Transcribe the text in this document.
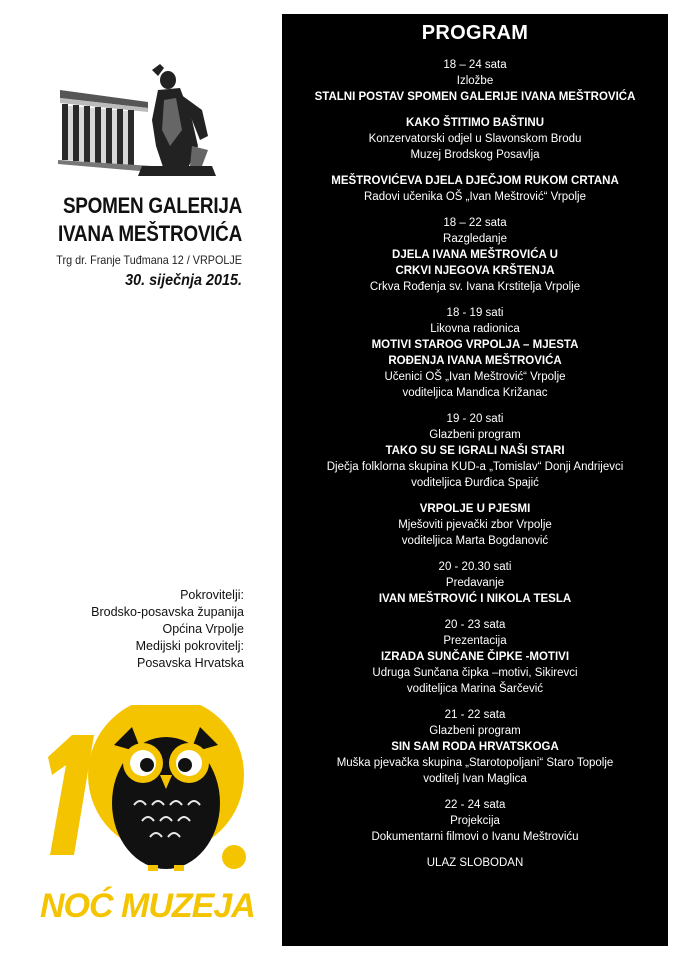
SPOMEN GALERIJA
IVANA MEŠTROVIĆA
Trg dr. Franje Tuđmana 12 / VRPOLJE
30. siječnja 2015.
Pokrovitelji:
Brodsko-posavska županija
Općina Vrpolje
Medijski pokrovitelj:
Posavska Hrvatska
NOĆ MUZEJA
PROGRAM
18 – 24 sata
Izložbe
STALNI POSTAV SPOMEN GALERIJE IVANA MEŠTROVIĆA
KAKO ŠTITIMO BAŠTINU
Konzervatorski odjel u Slavonskom Brodu
Muzej Brodskog Posavlja
MEŠTROVIĆEVA DJELA DJEČJOM RUKOM CRTANA
Radovi učenika OŠ „Ivan Meštrović“ Vrpolje
18 – 22 sata
Razgledanje
DJELA IVANA MEŠTROVIĆA U
CRKVI NJEGOVA KRŠTENJA
Crkva Rođenja sv. Ivana Krstitelja Vrpolje
18 - 19 sati
Likovna radionica
MOTIVI STAROG VRPOLJA – MJESTA
ROĐENJA IVANA MEŠTROVIĆA
Učenici OŠ „Ivan Meštrović“ Vrpolje
voditeljica Mandica Križanac
19 - 20 sati
Glazbeni program
TAKO SU SE IGRALI NAŠI STARI
Dječja folklorna skupina KUD-a „Tomislav“ Donji Andrijevci
voditeljica Đurđica Spajić
VRPOLJE U PJESMI
Mješoviti pjevački zbor Vrpolje
voditeljica Marta Bogdanović
20 - 20.30 sati
Predavanje
IVAN MEŠTROVIĆ I NIKOLA TESLA
20 - 23 sata
Prezentacija
IZRADA SUNČANE ČIPKE -MOTIVI
Udruga Sunčana čipka –motivi, Sikirevci
voditeljica Marina Šarčević
21 - 22 sata
Glazbeni program
SIN SAM RODA HRVATSKOGA
Muška pjevačka skupina „Starotopoljani“ Staro Topolje
voditelj Ivan Maglica
22 - 24 sata
Projekcija
Dokumentarni filmovi o Ivanu Meštroviću
ULAZ SLOBODAN
